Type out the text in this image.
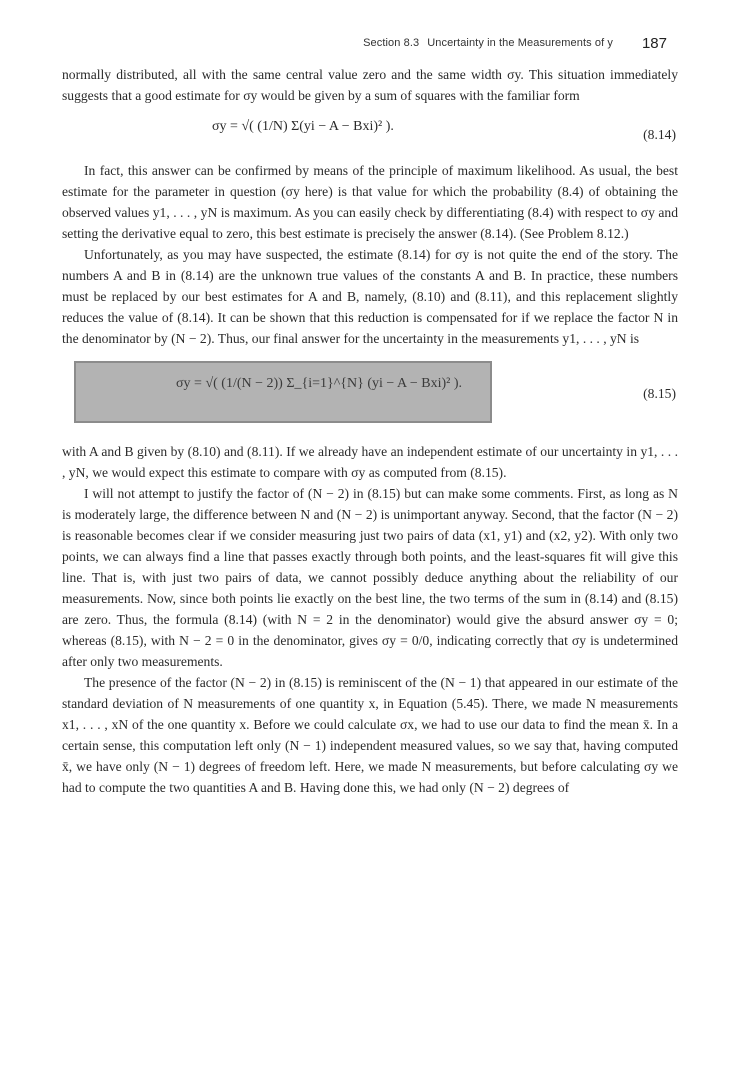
Section 8.3 Uncertainty in the Measurements of y 187

normally distributed, all with the same central value zero and the same width σy. This situation immediately suggests that a good estimate for σy would be given by a sum of squares with the familiar form

σy = √( (1/N) Σ(yi − A − Bxi)² ).
(8.14)

In fact, this answer can be confirmed by means of the principle of maximum likelihood. As usual, the best estimate for the parameter in question (σy here) is that value for which the probability (8.4) of obtaining the observed values y1, . . . , yN is maximum. As you can easily check by differentiating (8.4) with respect to σy and setting the derivative equal to zero, this best estimate is precisely the answer (8.14). (See Problem 8.12.)

Unfortunately, as you may have suspected, the estimate (8.14) for σy is not quite the end of the story. The numbers A and B in (8.14) are the unknown true values of the constants A and B. In practice, these numbers must be replaced by our best estimates for A and B, namely, (8.10) and (8.11), and this replacement slightly reduces the value of (8.14). It can be shown that this reduction is compensated for if we replace the factor N in the denominator by (N − 2). Thus, our final answer for the uncertainty in the measurements y1, . . . , yN is

σy = √( (1/(N − 2)) Σ_{i=1}^{N} (yi − A − Bxi)² ).
(8.15)

with A and B given by (8.10) and (8.11). If we already have an independent estimate of our uncertainty in y1, . . . , yN, we would expect this estimate to compare with σy as computed from (8.15).

I will not attempt to justify the factor of (N − 2) in (8.15) but can make some comments. First, as long as N is moderately large, the difference between N and (N − 2) is unimportant anyway. Second, that the factor (N − 2) is reasonable becomes clear if we consider measuring just two pairs of data (x1, y1) and (x2, y2). With only two points, we can always find a line that passes exactly through both points, and the least-squares fit will give this line. That is, with just two pairs of data, we cannot possibly deduce anything about the reliability of our measurements. Now, since both points lie exactly on the best line, the two terms of the sum in (8.14) and (8.15) are zero. Thus, the formula (8.14) (with N = 2 in the denominator) would give the absurd answer σy = 0; whereas (8.15), with N − 2 = 0 in the denominator, gives σy = 0/0, indicating correctly that σy is undetermined after only two measurements.

The presence of the factor (N − 2) in (8.15) is reminiscent of the (N − 1) that appeared in our estimate of the standard deviation of N measurements of one quantity x, in Equation (5.45). There, we made N measurements x1, . . . , xN of the one quantity x. Before we could calculate σx, we had to use our data to find the mean x̄. In a certain sense, this computation left only (N − 1) independent measured values, so we say that, having computed x̄, we have only (N − 1) degrees of freedom left. Here, we made N measurements, but before calculating σy we had to compute the two quantities A and B. Having done this, we had only (N − 2) degrees of
